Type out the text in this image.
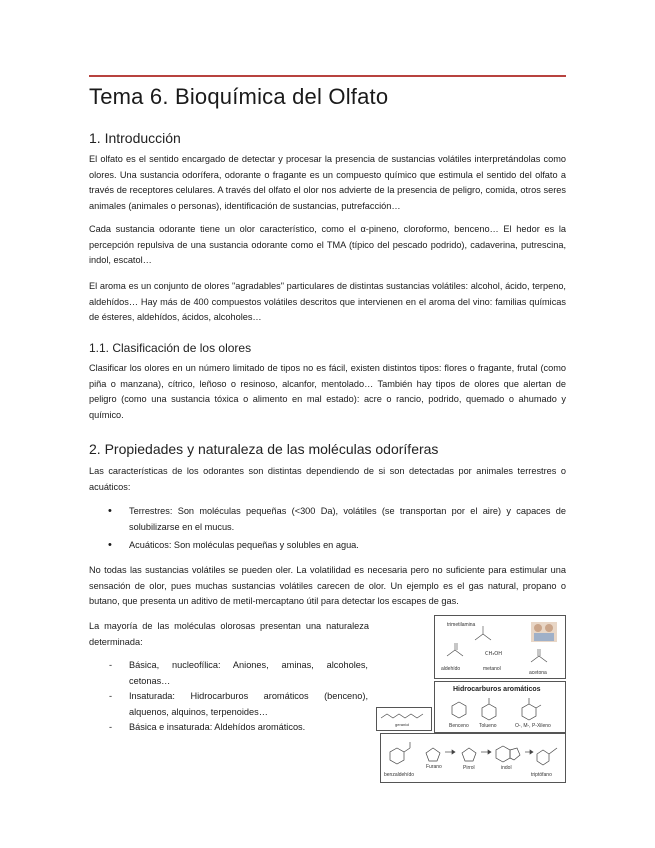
Tema 6. Bioquímica del Olfato
1. Introducción
El olfato es el sentido encargado de detectar y procesar la presencia de sustancias volátiles interpretándolas como olores. Una sustancia odorífera, odorante o fragante es un compuesto químico que estimula el sentido del olfato a través de receptores celulares. A través del olfato el olor nos advierte de la presencia de peligro, comida, otros seres animales (animales o personas), identificación de sustancias, putrefacción…
Cada sustancia odorante tiene un olor característico, como el α-pineno, cloroformo, benceno… El hedor es la percepción repulsiva de una sustancia odorante como el TMA (típico del pescado podrido), cadaverina, putrescina, indol, escatol…
El aroma es un conjunto de olores "agradables" particulares de distintas sustancias volátiles: alcohol, ácido, terpeno, aldehídos… Hay más de 400 compuestos volátiles descritos que intervienen en el aroma del vino: familias químicas de ésteres, aldehídos, ácidos, alcoholes…
1.1. Clasificación de los olores
Clasificar los olores en un número limitado de tipos no es fácil, existen distintos tipos: flores o fragante, frutal (como piña o manzana), cítrico, leñoso o resinoso, alcanfor, mentolado… También hay tipos de olores que alertan de peligro (como una sustancia tóxica o alimento en mal estado): acre o rancio, podrido, quemado o ahumado y químico.
2. Propiedades y naturaleza de las moléculas odoríferas
Las características de los odorantes son distintas dependiendo de si son detectadas por animales terrestres o acuáticos:
• Terrestres: Son moléculas pequeñas (<300 Da), volátiles (se transportan por el aire) y capaces de solubilizarse en el mucus.
• Acuáticos: Son moléculas pequeñas y solubles en agua.
No todas las sustancias volátiles se pueden oler. La volatilidad es necesaria pero no suficiente para estimular una sensación de olor, pues muchas sustancias volátiles carecen de olor. Un ejemplo es el gas natural, propano o butano, que presenta un aditivo de metil-mercaptano útil para detectar los escapes de gas.
La mayoría de las moléculas olorosas presentan una naturaleza determinada:
- Básica, nucleofílica: Aniones, aminas, alcoholes, cetonas…
- Insaturada: Hidrocarburos aromáticos (benceno), alquenos, alquinos, terpenoides…
- Básica e insaturada: Aldehídos aromáticos.
trimetilamina
aldehído	metanol
acetona
CH₃OH
Hidrocarburos aromáticos
Benceno Tolueno	O-, M-, P-Xileno
geraniol
benzaldehído
Furano	Pirrol	indol
triptófano
